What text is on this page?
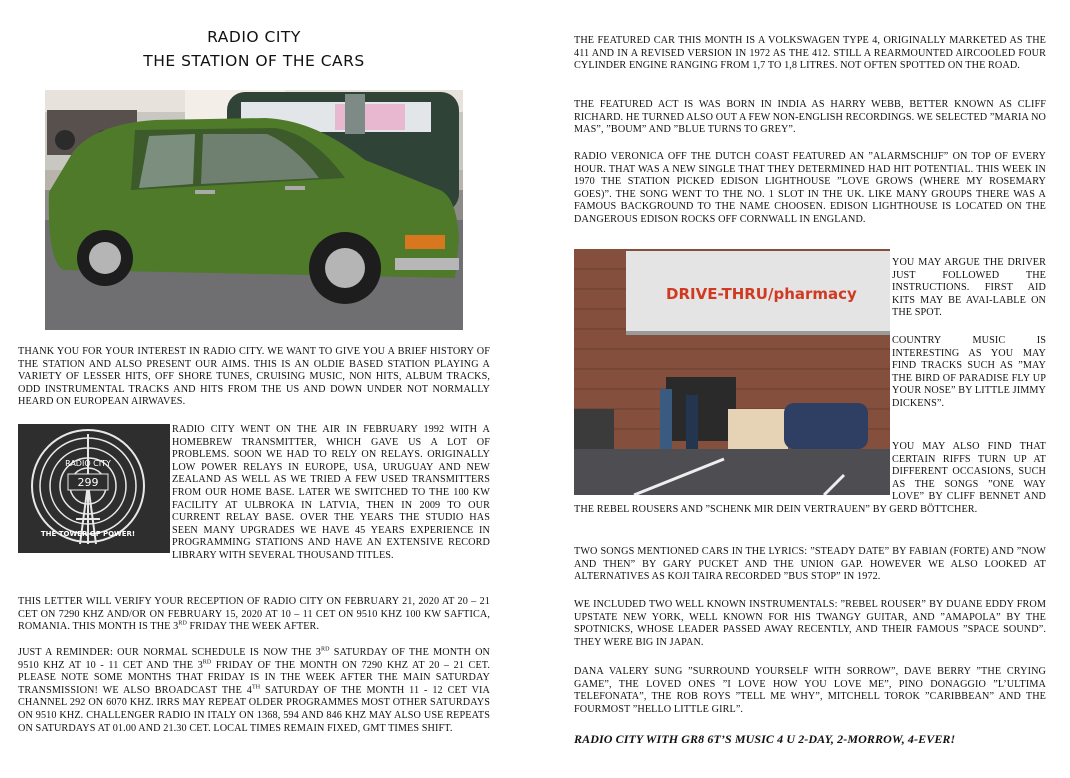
RADIO CITY
THE STATION OF THE CARS

THANK YOU FOR YOUR INTEREST IN RADIO CITY. WE WANT TO GIVE YOU A BRIEF HISTORY OF THE STATION AND ALSO PRESENT OUR AIMS. THIS IS AN OLDIE BASED STATION PLAYING A VARIETY OF LESSER HITS, OFF SHORE TUNES, CRUISING MUSIC, NON HITS, ALBUM TRACKS, ODD INSTRUMENTAL TRACKS AND HITS FROM THE US AND DOWN UNDER NOT NORMALLY HEARD ON EUROPEAN AIRWAVES.

299
RADIO CITY
THE TOWER OF POWER!

RADIO CITY WENT ON THE AIR IN FEBRUARY 1992 WITH A HOMEBREW TRANSMITTER, WHICH GAVE US A LOT OF PROBLEMS. SOON WE HAD TO RELY ON RELAYS. ORIGINALLY LOW POWER RELAYS IN EUROPE, USA, URUGUAY AND NEW ZEALAND AS WELL AS WE TRIED A FEW USED TRANSMITTERS FROM OUR HOME BASE. LATER WE SWITCHED TO THE 100 KW FACILITY AT ULBROKA IN LATVIA, THEN IN 2009 TO OUR CURRENT RELAY BASE. OVER THE YEARS THE STUDIO HAS SEEN MANY UPGRADES WE HAVE 45 YEARS EXPERIENCE IN PROGRAMMING STATIONS AND HAVE AN EXTENSIVE RECORD LIBRARY WITH SEVERAL THOUSAND TITLES.

THIS LETTER WILL VERIFY YOUR RECEPTION OF RADIO CITY ON FEBRUARY 21, 2020 AT 20 – 21 CET ON 7290 KHZ AND/OR ON FEBRUARY 15, 2020 AT 10 – 11 CET ON 9510 KHZ 100 KW SAFTICA, ROMANIA. THIS MONTH IS THE 3RD FRIDAY THE WEEK AFTER.

JUST A REMINDER: OUR NORMAL SCHEDULE IS NOW THE 3RD SATURDAY OF THE MONTH ON 9510 KHZ AT 10 - 11 CET AND THE 3RD FRIDAY OF THE MONTH ON 7290 KHZ AT 20 – 21 CET. PLEASE NOTE SOME MONTHS THAT FRIDAY IS IN THE WEEK AFTER THE MAIN SATURDAY TRANSMISSION! WE ALSO BROADCAST THE 4TH SATURDAY OF THE MONTH 11 - 12 CET VIA CHANNEL 292 ON 6070 KHZ. IRRS MAY REPEAT OLDER PROGRAMMES MOST OTHER SATURDAYS ON 9510 KHZ. CHALLENGER RADIO IN ITALY ON 1368, 594 AND 846 KHZ MAY ALSO USE REPEATS ON SATURDAYS AT 01.00 AND 21.30 CET. LOCAL TIMES REMAIN FIXED, GMT TIMES SHIFT.

THE FEATURED CAR THIS MONTH IS A VOLKSWAGEN TYPE 4, ORIGINALLY MARKETED AS THE 411 AND IN A REVISED VERSION IN 1972 AS THE 412. STILL A REARMOUNTED AIRCOOLED FOUR CYLINDER ENGINE RANGING FROM 1,7 TO 1,8 LITRES. NOT OFTEN SPOTTED ON THE ROAD.

THE FEATURED ACT IS WAS BORN IN INDIA AS HARRY WEBB, BETTER KNOWN AS CLIFF RICHARD. HE TURNED ALSO OUT A FEW NON-ENGLISH RECORDINGS. WE SELECTED ”MARIA NO MAS”, ”BOUM” AND ”BLUE TURNS TO GREY”.

RADIO VERONICA OFF THE DUTCH COAST FEATURED AN ”ALARMSCHIJF” ON TOP OF EVERY HOUR. THAT WAS A NEW SINGLE THAT THEY DETERMINED HAD HIT POTENTIAL. THIS WEEK IN 1970 THE STATION PICKED EDISON LIGHTHOUSE ”LOVE GROWS (WHERE MY ROSEMARY GOES)”. THE SONG WENT TO THE NO. 1 SLOT IN THE UK. LIKE MANY GROUPS THERE WAS A FAMOUS BACKGROUND TO THE NAME CHOOSEN. EDISON LIGHTHOUSE IS LOCATED ON THE DANGEROUS EDISON ROCKS OFF CORNWALL IN ENGLAND.

DRIVE-THRU/pharmacy

YOU MAY ARGUE THE DRIVER JUST FOLLOWED THE INSTRUCTIONS. FIRST AID KITS MAY BE AVAI-LABLE ON THE SPOT.

COUNTRY MUSIC IS INTERESTING AS YOU MAY FIND TRACKS SUCH AS ”MAY THE BIRD OF PARADISE FLY UP YOUR NOSE” BY LITTLE JIMMY DICKENS”.

YOU MAY ALSO FIND THAT CERTAIN RIFFS TURN UP AT DIFFERENT OCCASIONS, SUCH AS THE SONGS ”ONE WAY LOVE” BY CLIFF BENNET AND THE REBEL ROUSERS AND ”SCHENK MIR DEIN VERTRAUEN” BY GERD BÖTTCHER.

TWO SONGS MENTIONED CARS IN THE LYRICS: ”STEADY DATE” BY FABIAN (FORTE) AND ”NOW AND THEN” BY GARY PUCKET AND THE UNION GAP. HOWEVER WE ALSO LOOKED AT ALTERNATIVES AS KOJI TAIRA RECORDED ”BUS STOP” IN 1972.

WE INCLUDED TWO WELL KNOWN INSTRUMENTALS: ”REBEL ROUSER” BY DUANE EDDY FROM UPSTATE NEW YORK, WELL KNOWN FOR HIS TWANGY GUITAR, AND ”AMAPOLA” BY THE SPOTNICKS, WHOSE LEADER PASSED AWAY RECENTLY, AND THEIR FAMOUS ”SPACE SOUND”. THEY WERE BIG IN JAPAN.

DANA VALERY SUNG ”SURROUND YOURSELF WITH SORROW”, DAVE BERRY ”THE CRYING GAME”, THE LOVED ONES ”I LOVE HOW YOU LOVE ME”, PINO DONAGGIO ”L’ULTIMA TELEFONATA”, THE ROB ROYS ”TELL ME WHY”, MITCHELL TOROK ”CARIBBEAN” AND THE FOURMOST ”HELLO LITTLE GIRL”.

RADIO CITY WITH GR8 6T’S MUSIC 4 U 2-DAY, 2-MORROW, 4-EVER!
